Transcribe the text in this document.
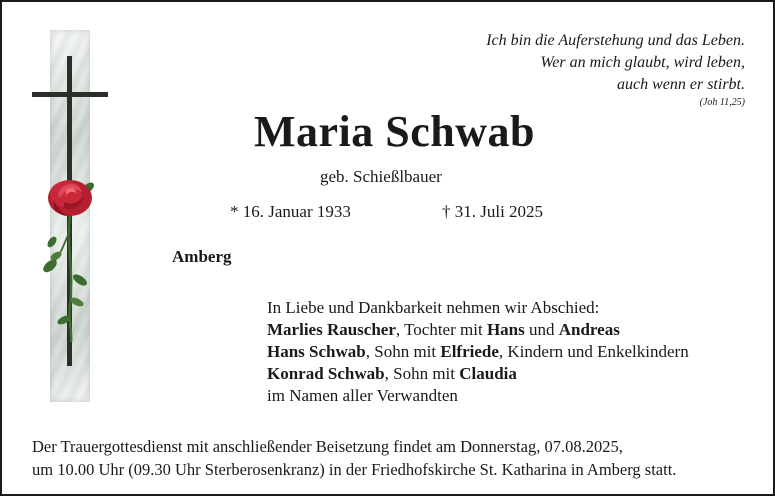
Ich bin die Auferstehung und das Leben.
Wer an mich glaubt, wird leben,
auch wenn er stirbt.
(Joh 11,25)
Maria Schwab
geb. Schießlbauer
* 16. Januar 1933	† 31. Juli 2025
Amberg
In Liebe und Dankbarkeit nehmen wir Abschied:
Marlies Rauscher, Tochter mit Hans und Andreas
Hans Schwab, Sohn mit Elfriede, Kindern und Enkelkindern
Konrad Schwab, Sohn mit Claudia
im Namen aller Verwandten
Der Trauergottesdienst mit anschließender Beisetzung findet am Donnerstag, 07.08.2025,
um 10.00 Uhr (09.30 Uhr Sterberosenkranz) in der Friedhofskirche St. Katharina in Amberg statt.
